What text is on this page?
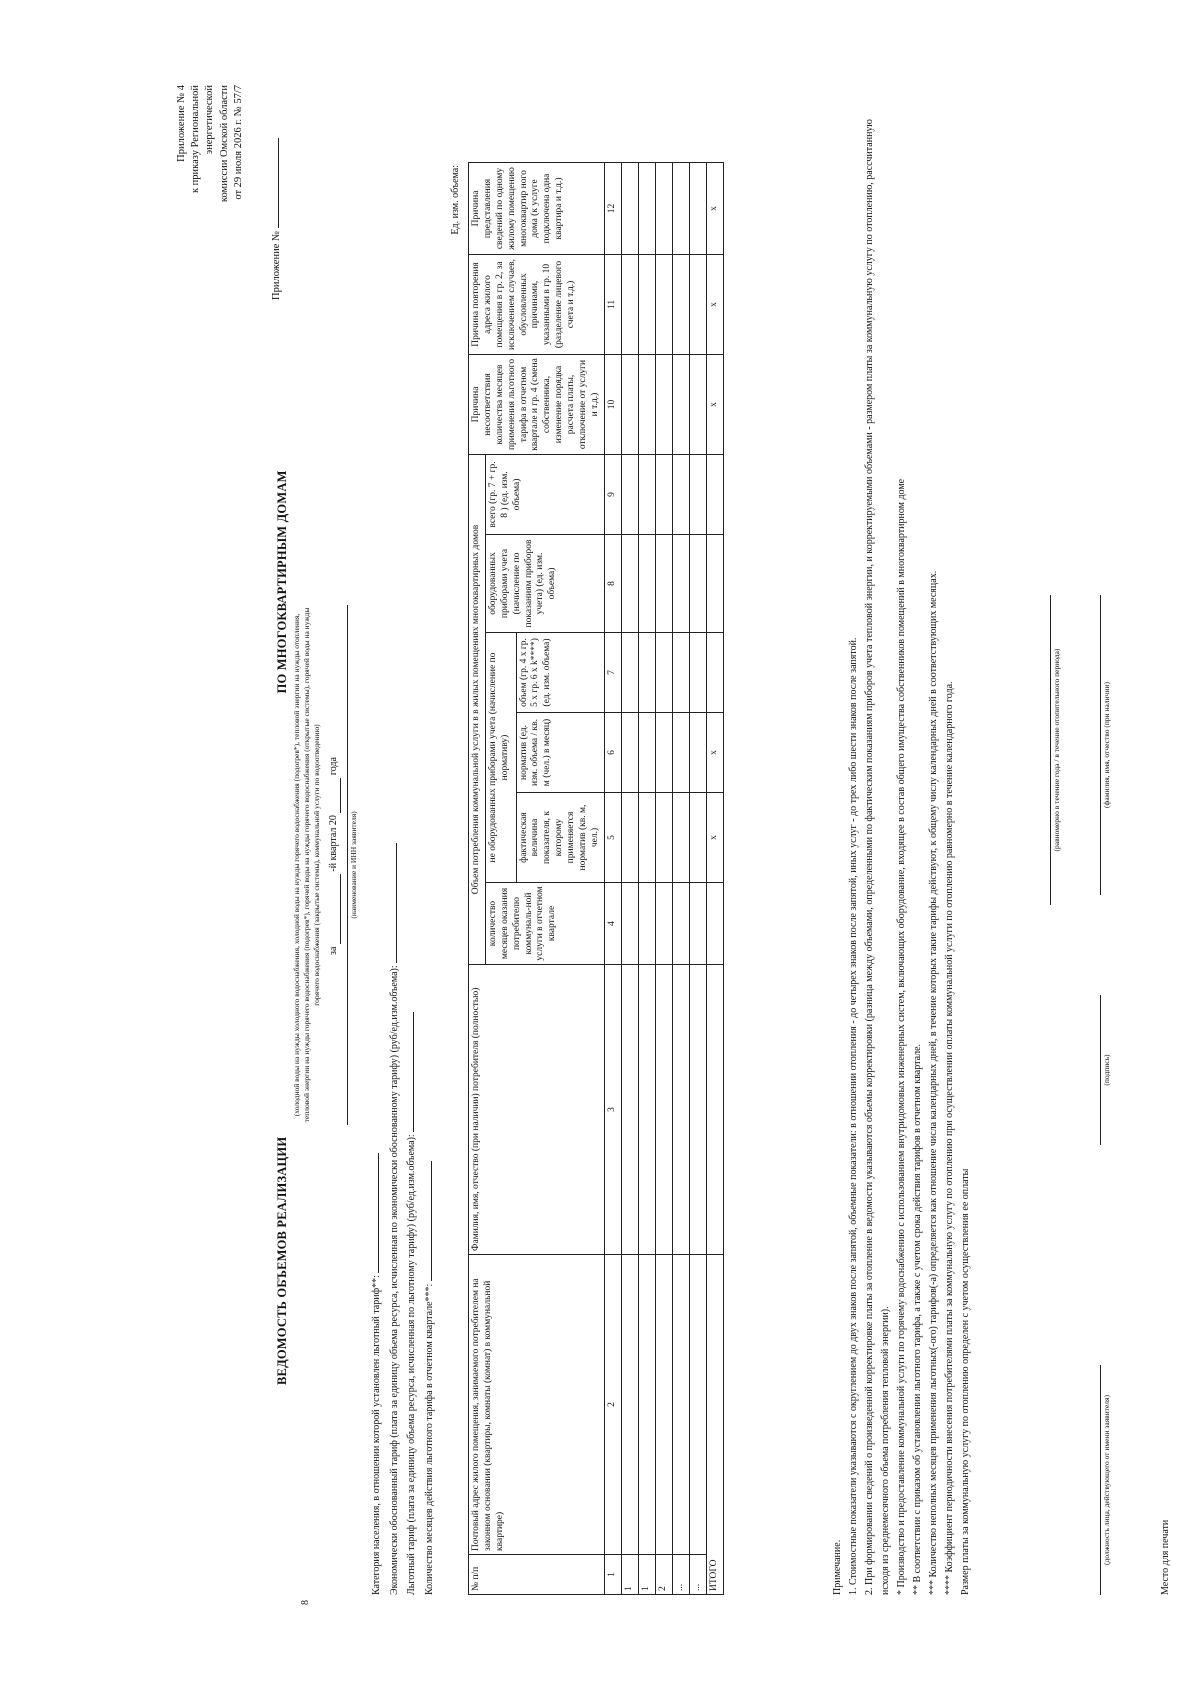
8
Приложение № 4 к приказу Региональной энергетической комиссии Омской области от 29 июля 2026 г. № 57/7
Приложение №
ВЕДОМОСТЬ ОБЪЕМОВ РЕАЛИЗАЦИИ ПО МНОГОКВАРТИРНЫМ ДОМАМ
(холодной воды на нужды холодного водоснабжения, холодной воды на нужды горячего водоснабжения (подогрев*), тепловой энергии на нужды отопления, тепловой энергии на нужды горячего водоснабжения (подогрев*), горячей воды на нужды горячего водоснабжения (открытые системы), горячей воды на нужды горячего водоснабжения (закрытые системы), коммунальной услуги по водоотведению) за  -й квартал 20  года
(наименование и ИНН заявителя)
Категория населения, в отношении которой установлен льготный тариф**: Экономически обоснованный тариф (плата за единицу объема ресурса, исчисленная по экономически обоснованному тарифу) (руб/ед.изм.объема): Льготный тариф (плата за единицу объема ресурса, исчисленная по льготному тарифу) (руб/ед.изм.объема): Количество месяцев действия льготного тарифа в отчетном квартале***:
Ед. изм. объема:
№ п/п	Почтовый адрес жилого помещения, занимаемого потребителем на законном основании (квартиры, комнаты (комнат) в коммунальной квартире)	Фамилия, имя, отчество (при наличии) потребителя (полностью)	Объем потребления коммунальной услуги в в жилых помещениях многоквартирных домов						Причина несоответствия количества месяцев применения льготного тарифа в отчетном квартале и гр. 4 (смена собственника, изменение порядка расчета платы, отключение от услуги и т.д.)	Причина повторения адреса жилого помещения в гр. 2, за исключением случаев, обусловленных причинами, указанными в гр. 10 (разделение лицевого счета и т.д.)	Причина представления сведений по одному жилому помещению многоквартир ного дома (к услуге подключена одна квартира и т.д.)
			количество месяцев оказания потребителю коммуналь-ной услуги в отчетном квартале	не оборудованных приборами учета (начисление по нормативу)			оборудованных приборами учета (начисление по показаниям приборов учета) (ед. изм. объема)	всего (гр. 7 + гр. 8 ) (ед. изм. объема)			
				фактическая величина показателя, к которому применяется норматив (кв. м, чел.)	норматив (ед. изм. объема / кв. м (чел.) в месяц)	объем (гр. 4 х гр. 5 х гр. 6 х k****) (ед. изм. объема)					
1	2	3	4	5	6	7	8	9	10	11	12
1											
1											
2											
...											
...											
ИТОГО				х	х				х	х	х
Примечание. 1. Стоимостные показатели указываются с округлением до двух знаков после запятой, объемные показатели: в отношении отопления - до четырех знаков после запятой, иных услуг - до трех либо шести знаков после запятой. 2. При формировании сведений о произведенной корректировке платы за отопление в ведомости указываются объемы корректировки (разница между объемами, определенными по фактическим показаниям приборов учета тепловой энергии, и корректируемыми объемами - размером платы за коммунальную услугу по отоплению, рассчитанную исходя из среднемесячного объема потребления тепловой энергии). * Производство и предоставление коммунальной услуги по горячему водоснабжению с использованием внутридомовых инженерных систем, включающих оборудование, входящее в состав общего имущества собственников помещений в многоквартирном доме ** В соответствии с приказом об установлении льготного тарифа, а также с учетом срока действия тарифов в отчетном квартале. *** Количество неполных месяцев применения льготных(-ого) тарифов(-а) определяется как отношение числа календарных дней, в течение которых такие тарифы действуют, к общему числу календарных дней в соответствующих месяцах. **** Коэффициент периодичности внесения потребителями платы за коммунальную услугу по отоплению при осуществлении оплаты коммунальной услуги по отоплению равномерно в течение календарного года. Размер платы за коммунальную услугу по отоплению определен с учетом осуществления ее оплаты
(равномерно в течение года / в течение отопительного периода)
(должность лица, действующего от имени заявителя)
(подпись)
(фамилия, имя, отчество (при наличии)
Место для печати
